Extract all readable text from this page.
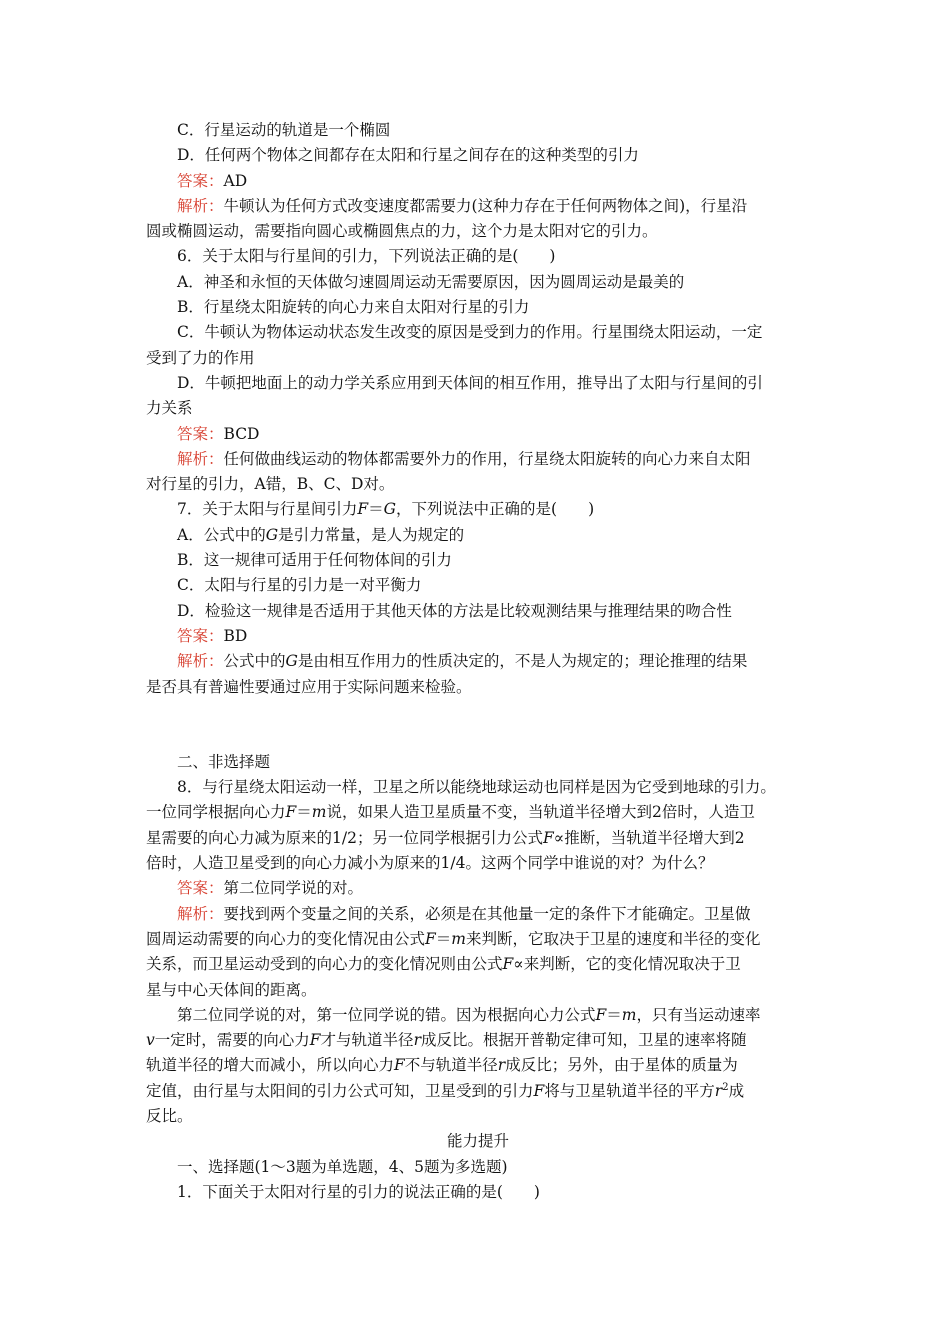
C．行星运动的轨道是一个椭圆
D．任何两个物体之间都存在太阳和行星之间存在的这种类型的引力
答案：AD
解析：牛顿认为任何方式改变速度都需要力(这种力存在于任何两物体之间)，行星沿
圆或椭圆运动，需要指向圆心或椭圆焦点的力，这个力是太阳对它的引力。
6．关于太阳与行星间的引力，下列说法正确的是(　　)
A．神圣和永恒的天体做匀速圆周运动无需要原因，因为圆周运动是最美的
B．行星绕太阳旋转的向心力来自太阳对行星的引力
C．牛顿认为物体运动状态发生改变的原因是受到力的作用。行星围绕太阳运动，一定
受到了力的作用
D．牛顿把地面上的动力学关系应用到天体间的相互作用，推导出了太阳与行星间的引
力关系
答案：BCD
解析：任何做曲线运动的物体都需要外力的作用，行星绕太阳旋转的向心力来自太阳
对行星的引力，A错，B、C、D对。
7．关于太阳与行星间引力F＝G，下列说法中正确的是(　　)
A．公式中的G是引力常量，是人为规定的
B．这一规律可适用于任何物体间的引力
C．太阳与行星的引力是一对平衡力
D．检验这一规律是否适用于其他天体的方法是比较观测结果与推理结果的吻合性
答案：BD
解析：公式中的G是由相互作用力的性质决定的，不是人为规定的；理论推理的结果
是否具有普遍性要通过应用于实际问题来检验。
二、非选择题
8．与行星绕太阳运动一样，卫星之所以能绕地球运动也同样是因为它受到地球的引力。
一位同学根据向心力F＝m说，如果人造卫星质量不变，当轨道半径增大到2倍时，人造卫
星需要的向心力减为原来的1/2；另一位同学根据引力公式F∝推断，当轨道半径增大到2
倍时，人造卫星受到的向心力减小为原来的1/4。这两个同学中谁说的对？为什么？
答案：第二位同学说的对。
解析：要找到两个变量之间的关系，必须是在其他量一定的条件下才能确定。卫星做
圆周运动需要的向心力的变化情况由公式F＝m来判断，它取决于卫星的速度和半径的变化
关系，而卫星运动受到的向心力的变化情况则由公式F∝来判断，它的变化情况取决于卫
星与中心天体间的距离。
第二位同学说的对，第一位同学说的错。因为根据向心力公式F＝m，只有当运动速率
v一定时，需要的向心力F才与轨道半径r成反比。根据开普勒定律可知，卫星的速率将随
轨道半径的增大而减小，所以向心力F不与轨道半径r成反比；另外，由于星体的质量为
定值，由行星与太阳间的引力公式可知，卫星受到的引力F将与卫星轨道半径的平方$r^2$成
反比。
能力提升
一、选择题(1～3题为单选题，4、5题为多选题)
1．下面关于太阳对行星的引力的说法正确的是(　　)
